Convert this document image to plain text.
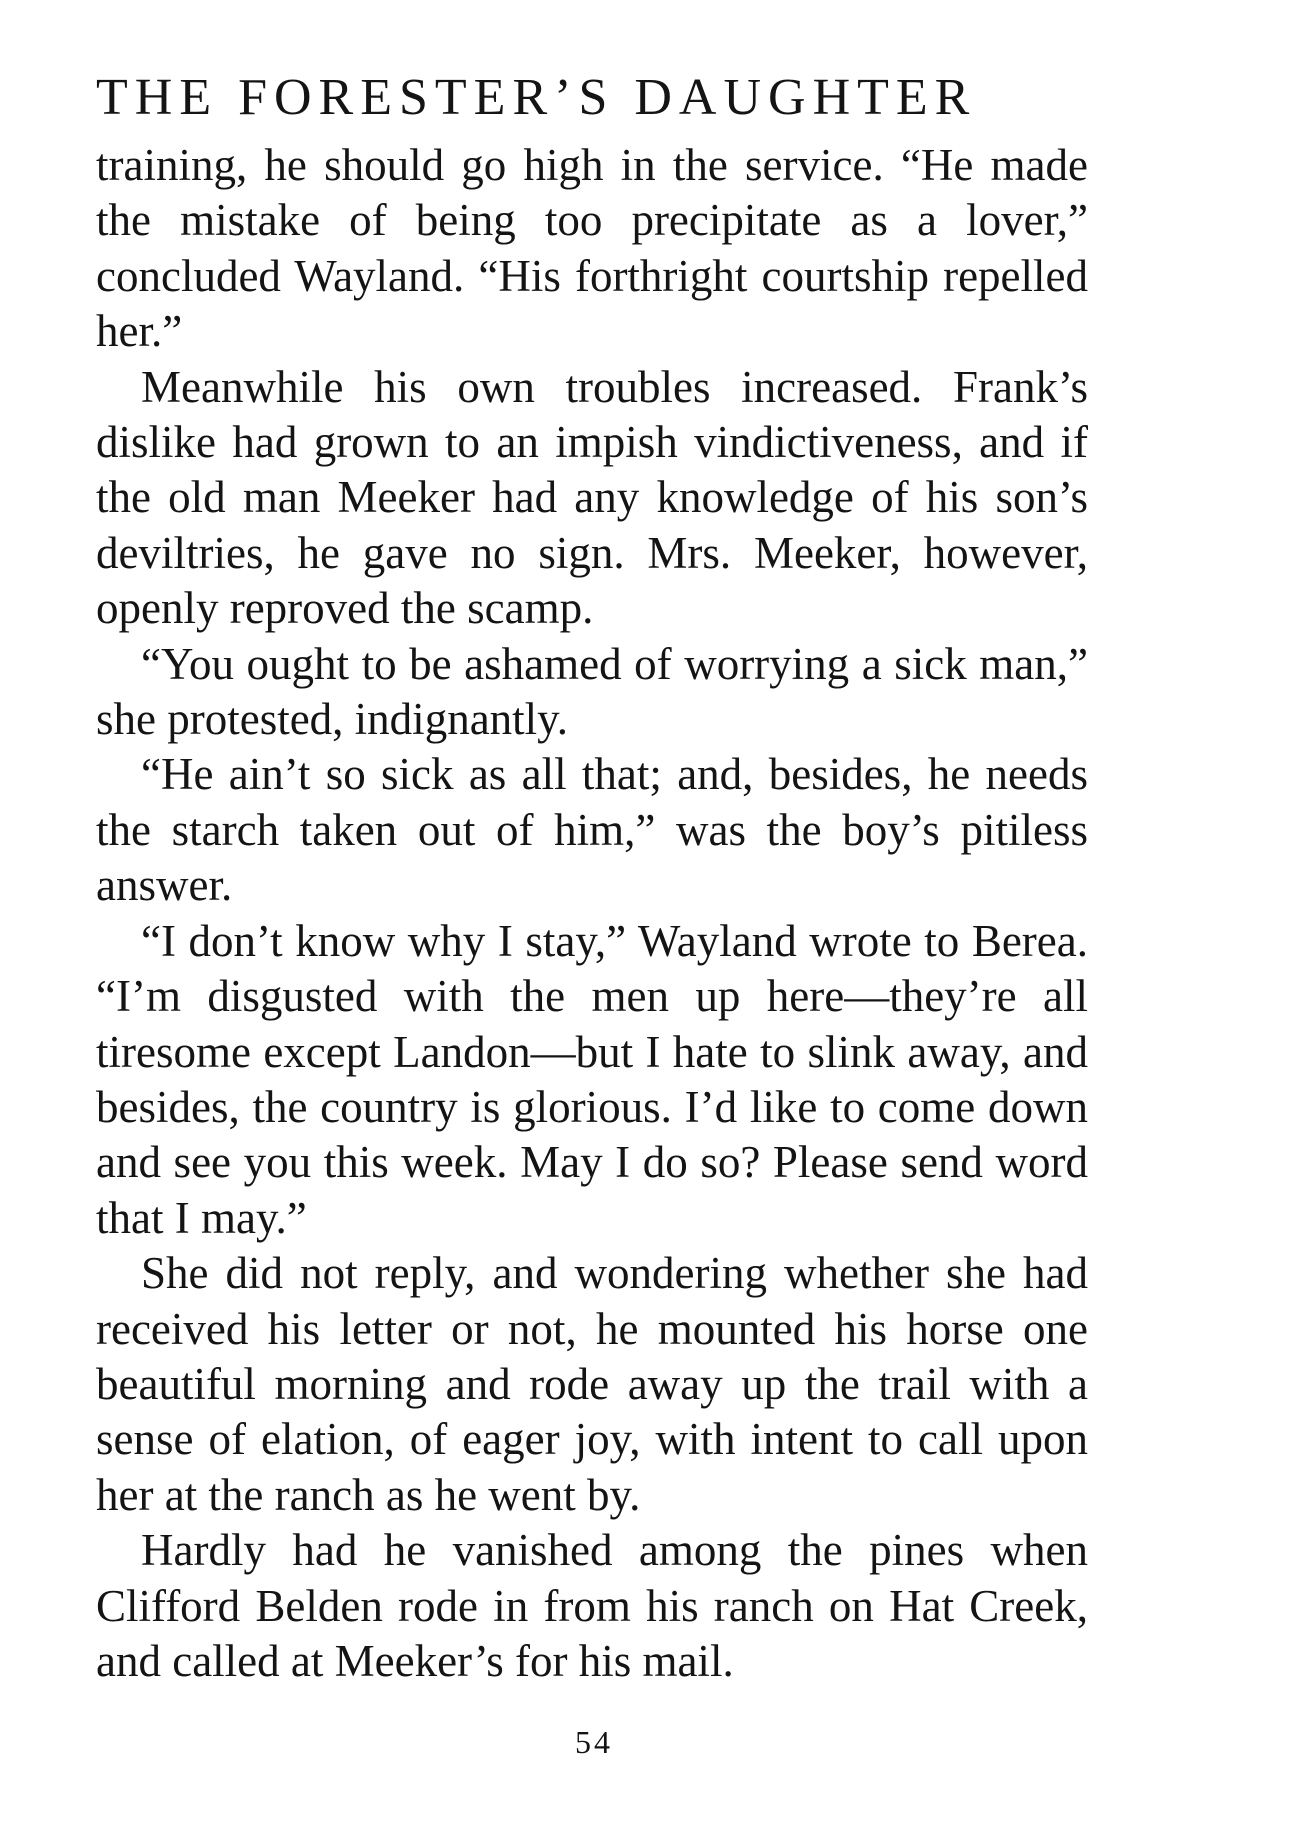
THE FORESTER’S DAUGHTER

training, he should go high in the service. “He made the mistake of being too precipitate as a lover,” concluded Wayland. “His forthright courtship repelled her.”

Meanwhile his own troubles increased. Frank’s dislike had grown to an impish vindictiveness, and if the old man Meeker had any knowledge of his son’s deviltries, he gave no sign. Mrs. Meeker, however, openly reproved the scamp.

“You ought to be ashamed of worrying a sick man,” she protested, indignantly.

“He ain’t so sick as all that; and, besides, he needs the starch taken out of him,” was the boy’s pitiless answer.

“I don’t know why I stay,” Wayland wrote to Berea. “I’m disgusted with the men up here—they’re all tiresome except Landon—but I hate to slink away, and besides, the country is glorious. I’d like to come down and see you this week. May I do so? Please send word that I may.”

She did not reply, and wondering whether she had received his letter or not, he mounted his horse one beautiful morning and rode away up the trail with a sense of elation, of eager joy, with intent to call upon her at the ranch as he went by.

Hardly had he vanished among the pines when Clifford Belden rode in from his ranch on Hat Creek, and called at Meeker’s for his mail.

54
